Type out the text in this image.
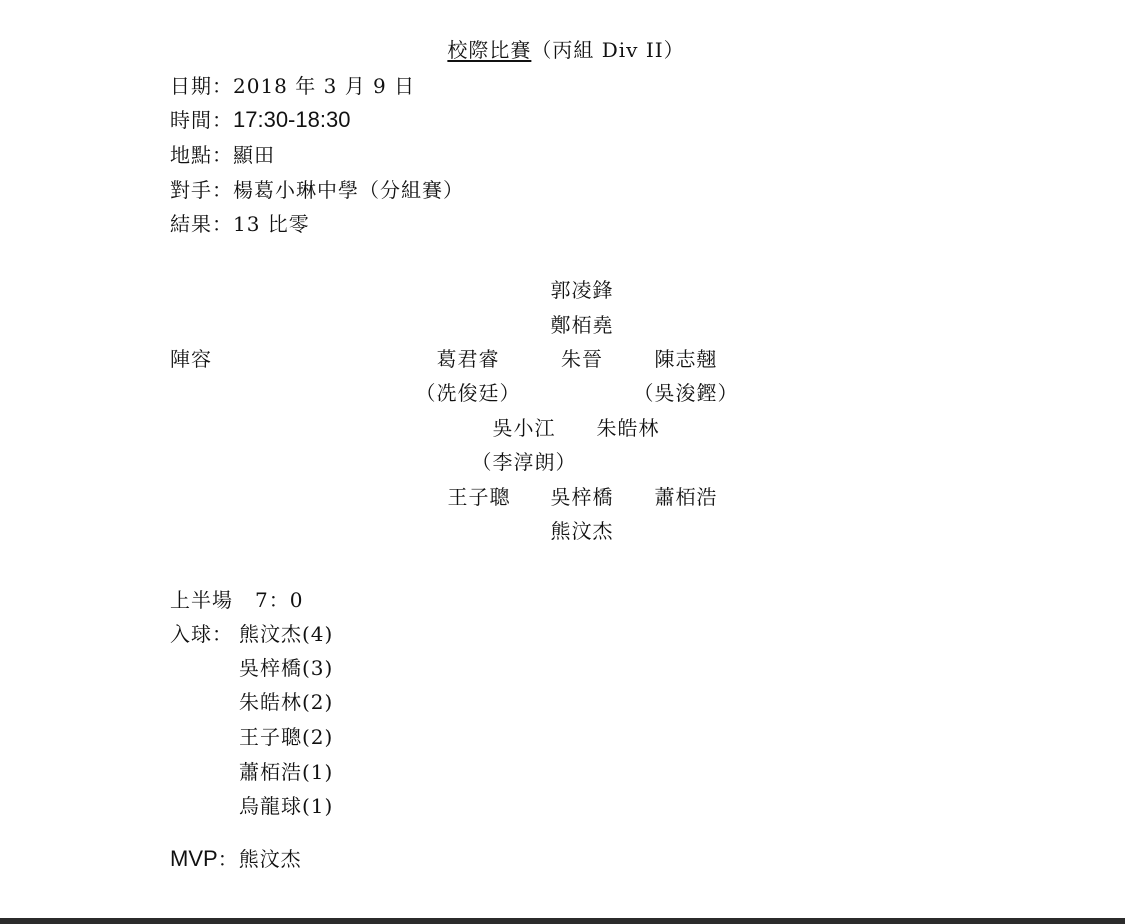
校際比賽（丙組 Div II）
日期：2018 年 3 月 9 日
時間：17:30-18:30
地點：顯田
對手：楊葛小琳中學（分組賽）
結果：13 比零
郭凌鋒
鄭栢堯
陣容	葛君睿	朱晉	陳志翹
（冼俊廷）	（吳浚鏗）
吳小江 朱皓林
（李淳朗）
王子聰 吳梓橋 蕭栢浩
熊汶杰
上半場 7：0
入球： 熊汶杰(4)
吳梓橋(3)
朱皓林(2)
王子聰(2)
蕭栢浩(1)
烏龍球(1)
MVP：熊汶杰
